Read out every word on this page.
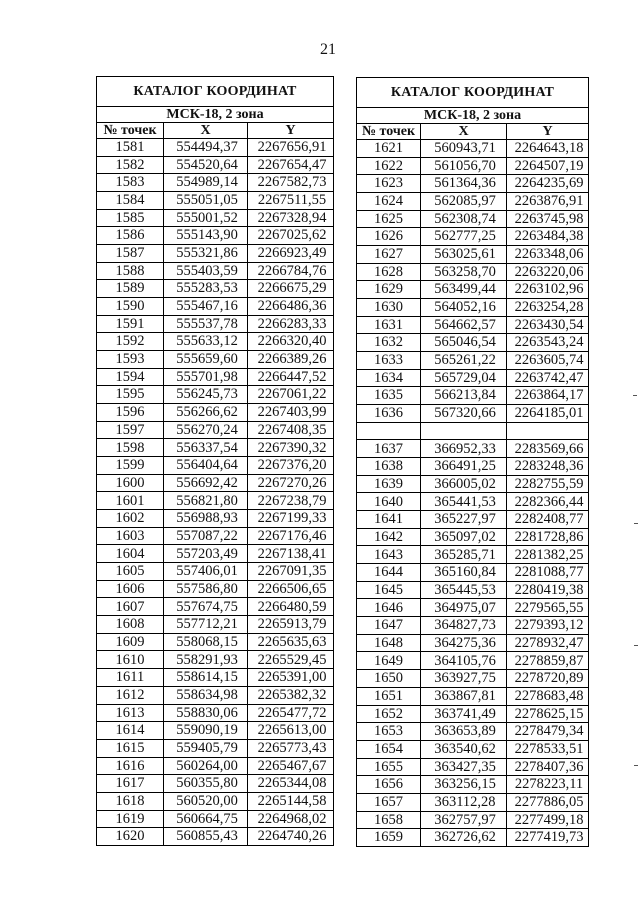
21
КАТАЛОГ КООРДИНАТ
МСК-18, 2 зона
№ точек	X	Y
1581	554494,37	2267656,91
1582	554520,64	2267654,47
1583	554989,14	2267582,73
1584	555051,05	2267511,55
1585	555001,52	2267328,94
1586	555143,90	2267025,62
1587	555321,86	2266923,49
1588	555403,59	2266784,76
1589	555283,53	2266675,29
1590	555467,16	2266486,36
1591	555537,78	2266283,33
1592	555633,12	2266320,40
1593	555659,60	2266389,26
1594	555701,98	2266447,52
1595	556245,73	2267061,22
1596	556266,62	2267403,99
1597	556270,24	2267408,35
1598	556337,54	2267390,32
1599	556404,64	2267376,20
1600	556692,42	2267270,26
1601	556821,80	2267238,79
1602	556988,93	2267199,33
1603	557087,22	2267176,46
1604	557203,49	2267138,41
1605	557406,01	2267091,35
1606	557586,80	2266506,65
1607	557674,75	2266480,59
1608	557712,21	2265913,79
1609	558068,15	2265635,63
1610	558291,93	2265529,45
1611	558614,15	2265391,00
1612	558634,98	2265382,32
1613	558830,06	2265477,72
1614	559090,19	2265613,00
1615	559405,79	2265773,43
1616	560264,00	2265467,67
1617	560355,80	2265344,08
1618	560520,00	2265144,58
1619	560664,75	2264968,02
1620	560855,43	2264740,26
КАТАЛОГ КООРДИНАТ
МСК-18, 2 зона
№ точек	X	Y
1621	560943,71	2264643,18
1622	561056,70	2264507,19
1623	561364,36	2264235,69
1624	562085,97	2263876,91
1625	562308,74	2263745,98
1626	562777,25	2263484,38
1627	563025,61	2263348,06
1628	563258,70	2263220,06
1629	563499,44	2263102,96
1630	564052,16	2263254,28
1631	564662,57	2263430,54
1632	565046,54	2263543,24
1633	565261,22	2263605,74
1634	565729,04	2263742,47
1635	566213,84	2263864,17
1636	567320,66	2264185,01
1637	366952,33	2283569,66
1638	366491,25	2283248,36
1639	366005,02	2282755,59
1640	365441,53	2282366,44
1641	365227,97	2282408,77
1642	365097,02	2281728,86
1643	365285,71	2281382,25
1644	365160,84	2281088,77
1645	365445,53	2280419,38
1646	364975,07	2279565,55
1647	364827,73	2279393,12
1648	364275,36	2278932,47
1649	364105,76	2278859,87
1650	363927,75	2278720,89
1651	363867,81	2278683,48
1652	363741,49	2278625,15
1653	363653,89	2278479,34
1654	363540,62	2278533,51
1655	363427,35	2278407,36
1656	363256,15	2278223,11
1657	363112,28	2277886,05
1658	362757,97	2277499,18
1659	362726,62	2277419,73
